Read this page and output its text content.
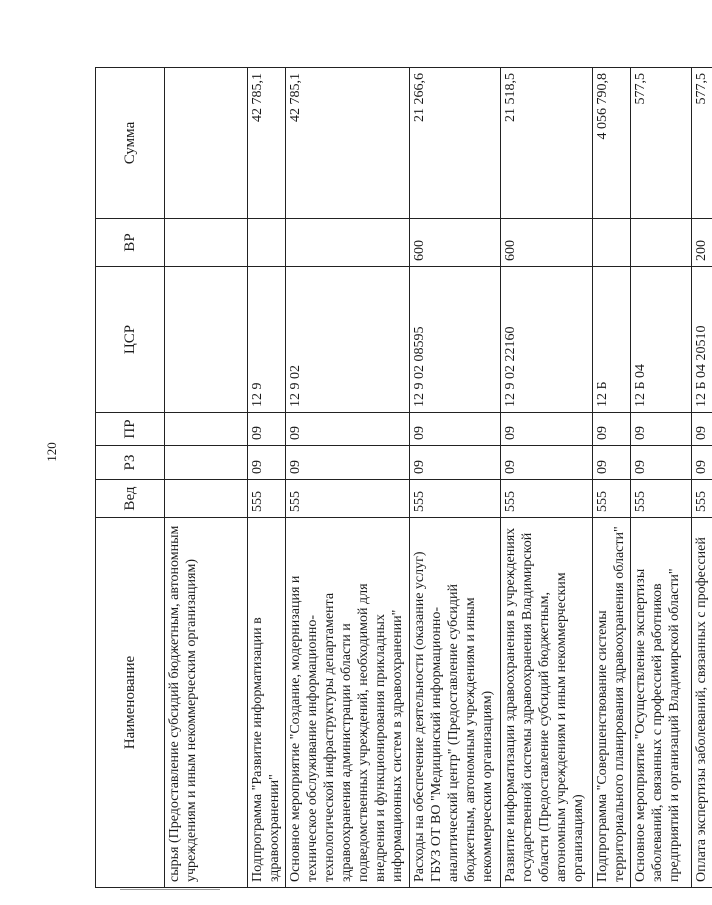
120
Наименование	Вед	РЗ	ПР	ЦСР	ВР	Сумма
сырья (Предоставление субсидий бюджетным, автономным учреждениям и иным некоммерческим организациям)						
Подпрограмма "Развитие информатизации в здравоохранении"	555	09	09	12 9		42 785,1
Основное мероприятие "Создание, модернизация и техническое обслуживание информационно-технологической инфраструктуры департамента здравоохранения администрации области и подведомственных учреждений, необходимой для внедрения и функционирования прикладных информационных систем в здравоохранении"	555	09	09	12 9 02		42 785,1
Расходы на обеспечение деятельности (оказание услуг) ГБУЗ ОТ ВО "Медицинский информационно-аналитический центр" (Предоставление субсидий бюджетным, автономным учреждениям и иным некоммерческим организациям)	555	09	09	12 9 02 08595	600	21 266,6
Развитие информатизации здравоохранения в учреждениях государственной системы здравоохранения Владимирской области (Предоставление субсидий бюджетным, автономным учреждениям и иным некоммерческим организациям)	555	09	09	12 9 02 22160	600	21 518,5
Подпрограмма "Совершенствование системы территориального планирования здравоохранения области"	555	09	09	12 Б		4 056 790,8
Основное мероприятие "Осуществление экспертизы заболеваний, связанных с профессией работников предприятий и организаций Владимирской области"	555	09	09	12 Б 04		577,5
Оплата экспертизы заболеваний, связанных с профессией	555	09	09	12 Б 04 20510	200	577,5
